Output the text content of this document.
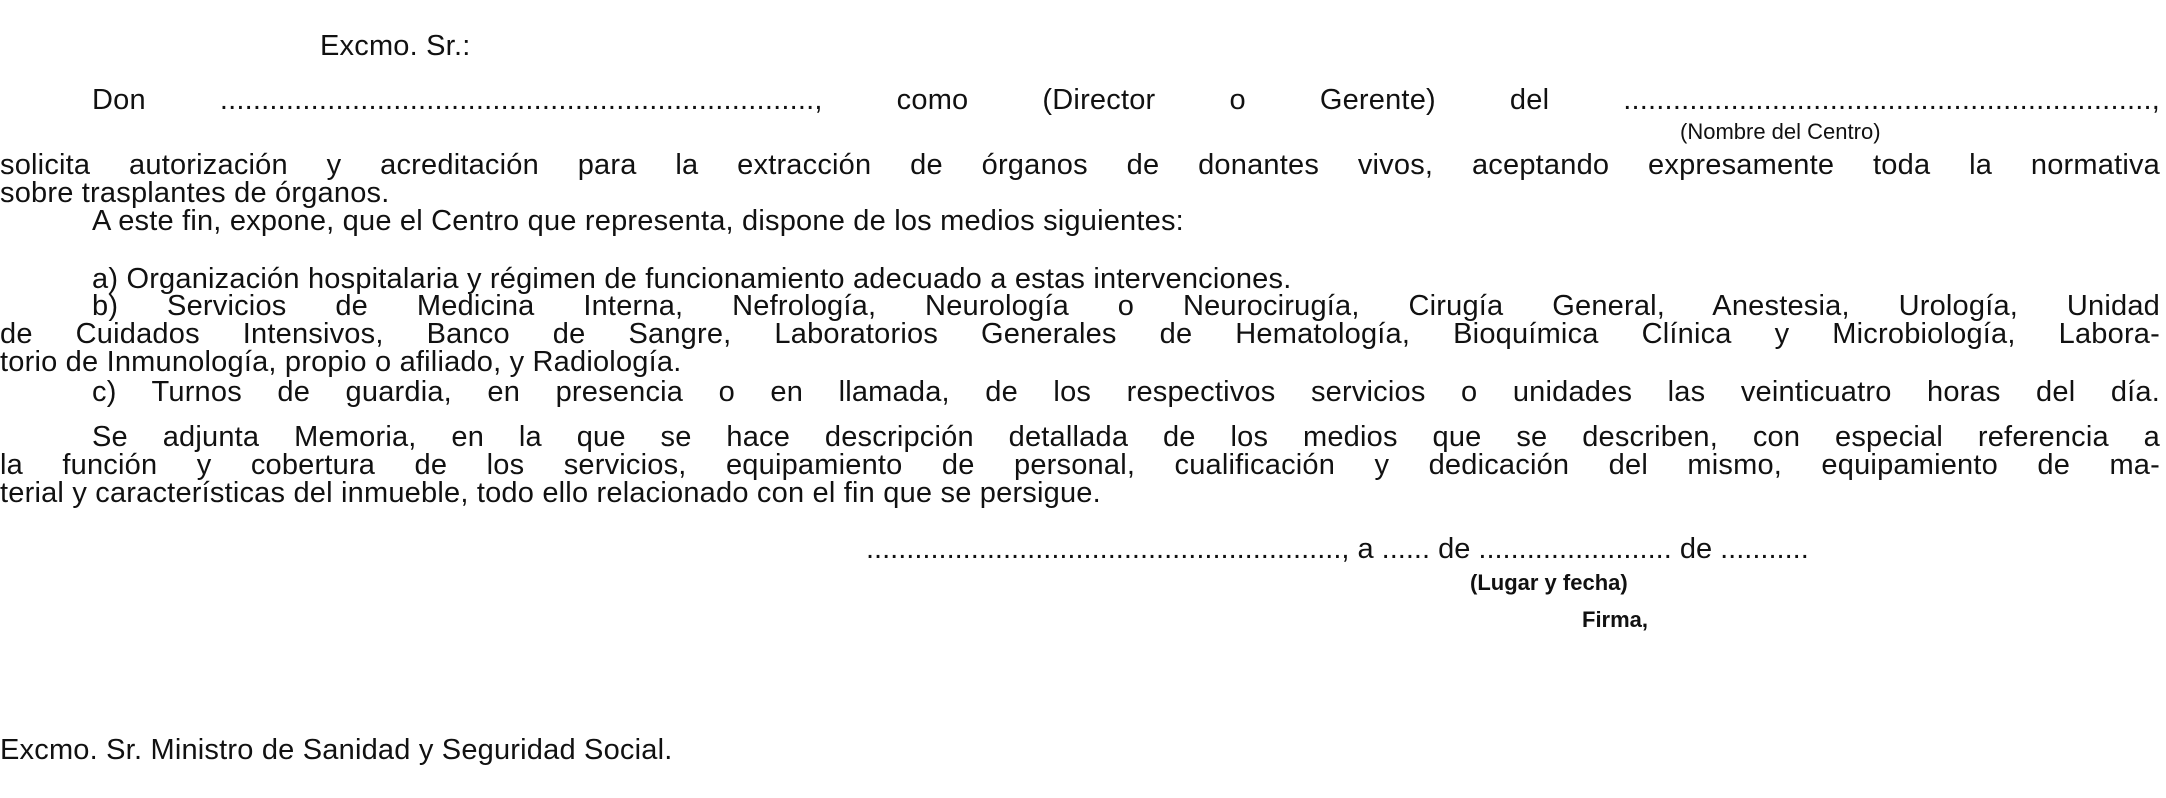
Excmo. Sr.:
Don ........................................................................, como (Director o Gerente) del ................................................................,
(Nombre del Centro)
solicita autorización y acreditación para la extracción de órganos de donantes vivos, aceptando expresamente toda la normativa
sobre trasplantes de órganos.
A este fin, expone, que el Centro que representa, dispone de los medios siguientes:
a) Organización hospitalaria y régimen de funcionamiento adecuado a estas intervenciones.
b) Servicios de Medicina Interna, Nefrología, Neurología o Neurocirugía, Cirugía General, Anestesia, Urología, Unidad
de Cuidados Intensivos, Banco de Sangre, Laboratorios Generales de Hematología, Bioquímica Clínica y Microbiología, Labora-
torio de Inmunología, propio o afiliado, y Radiología.
c) Turnos de guardia, en presencia o en llamada, de los respectivos servicios o unidades las veinticuatro horas del día.
Se adjunta Memoria, en la que se hace descripción detallada de los medios que se describen, con especial referencia a
la función y cobertura de los servicios, equipamiento de personal, cualificación y dedicación del mismo, equipamiento de ma-
terial y características del inmueble, todo ello relacionado con el fin que se persigue.
..........................................................., a ...... de ........................ de ...........
(Lugar y fecha)
Firma,
Excmo. Sr. Ministro de Sanidad y Seguridad Social.
